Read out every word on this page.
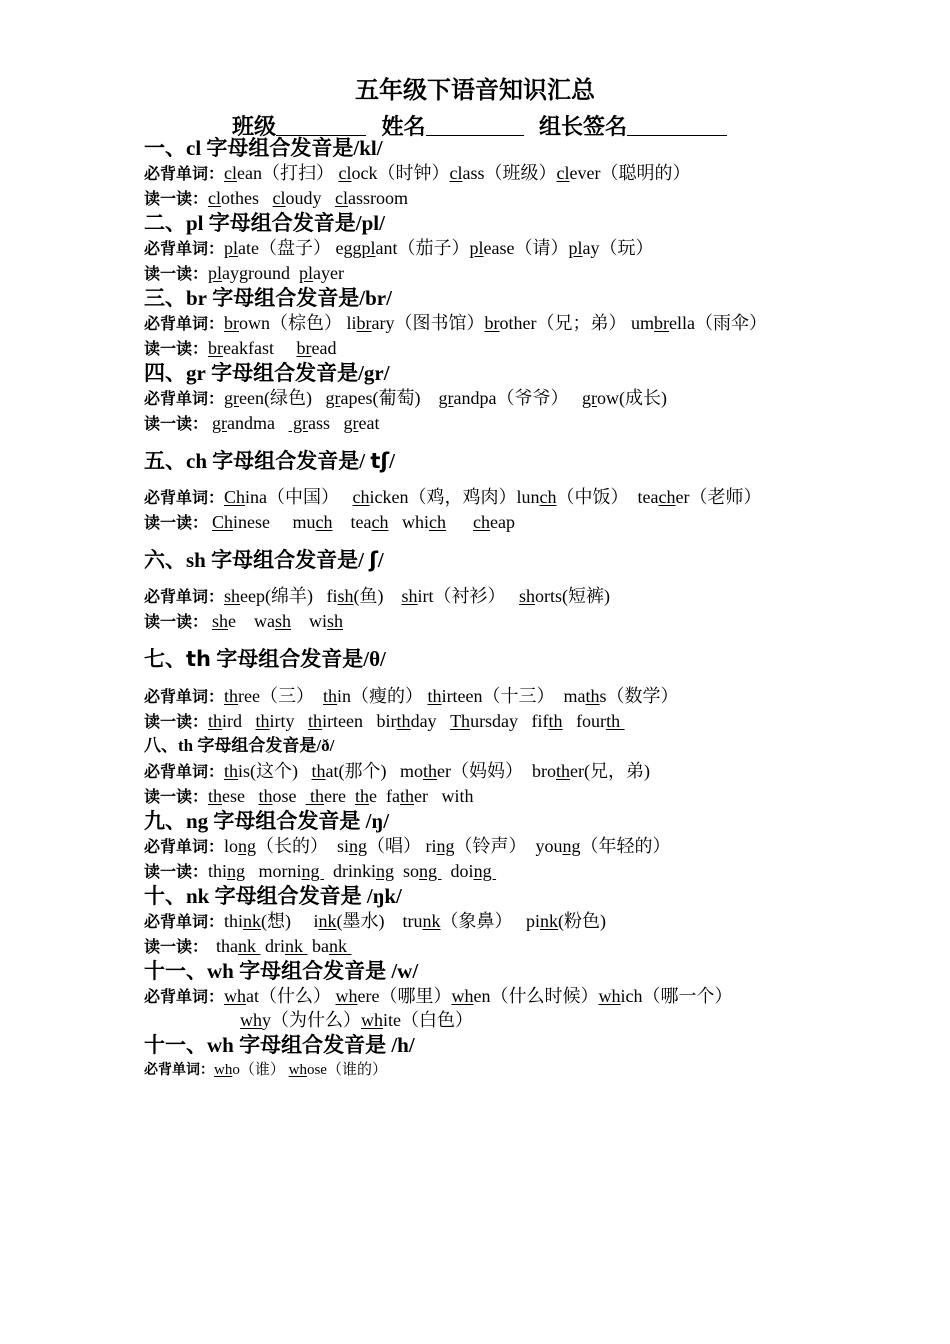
五年级下语音知识汇总
班级	姓名	组长签名
一、cl 字母组合发音是/kl/
必背单词：clean（打扫） clock（时钟）class（班级）clever（聪明的）
读一读：clothes   cloudy   classroom
二、pl 字母组合发音是/pl/
必背单词：plate（盘子） eggplant（茄子）please（请）play（玩）
读一读：playground  player
三、br 字母组合发音是/br/
必背单词：brown（棕色） library（图书馆）brother（兄；弟） umbrella（雨伞）
读一读：breakfast     bread
四、gr 字母组合发音是/gr/
必背单词：green(绿色)   grapes(葡萄)    grandpa（爷爷）   grow(成长)
读一读： grandma    grass   great
五、ch 字母组合发音是/ tʃ/
必背单词：China（中国）   chicken（鸡，鸡肉）lunch（中饭）  teacher（老师）
读一读： Chinese     much    teach   which cheap
六、sh 字母组合发音是/ ʃ/
必背单词：sheep(绵羊)   fish(鱼)    shirt（衬衫）   shorts(短裤)
读一读： she    wash    wish
七、th 字母组合发音是/θ/
必背单词：three（三）  thin（瘦的） thirteen（十三）  maths（数学）
读一读：third   thirty   thirteen   birthday   Thursday   fifth   fourth
八、th 字母组合发音是/ð/
必背单词：this(这个)   that(那个)   mother（妈妈）  brother(兄，弟)
读一读：these   those   there  the  father   with
九、ng 字母组合发音是 /ŋ/
必背单词：long（长的）  sing（唱） ring（铃声）  young（年轻的）
读一读：thing   morning   drinking  song   doing
十、nk 字母组合发音是 /ŋk/
必背单词：think(想)     ink(墨水)    trunk（象鼻）   pink(粉色)
读一读：  thank  drink  bank
十一、wh 字母组合发音是 /w/
必背单词：what（什么） where（哪里）when（什么时候）which（哪一个）
why（为什么）white（白色）
十一、wh 字母组合发音是 /h/
必背单词：who（谁） whose（谁的）
